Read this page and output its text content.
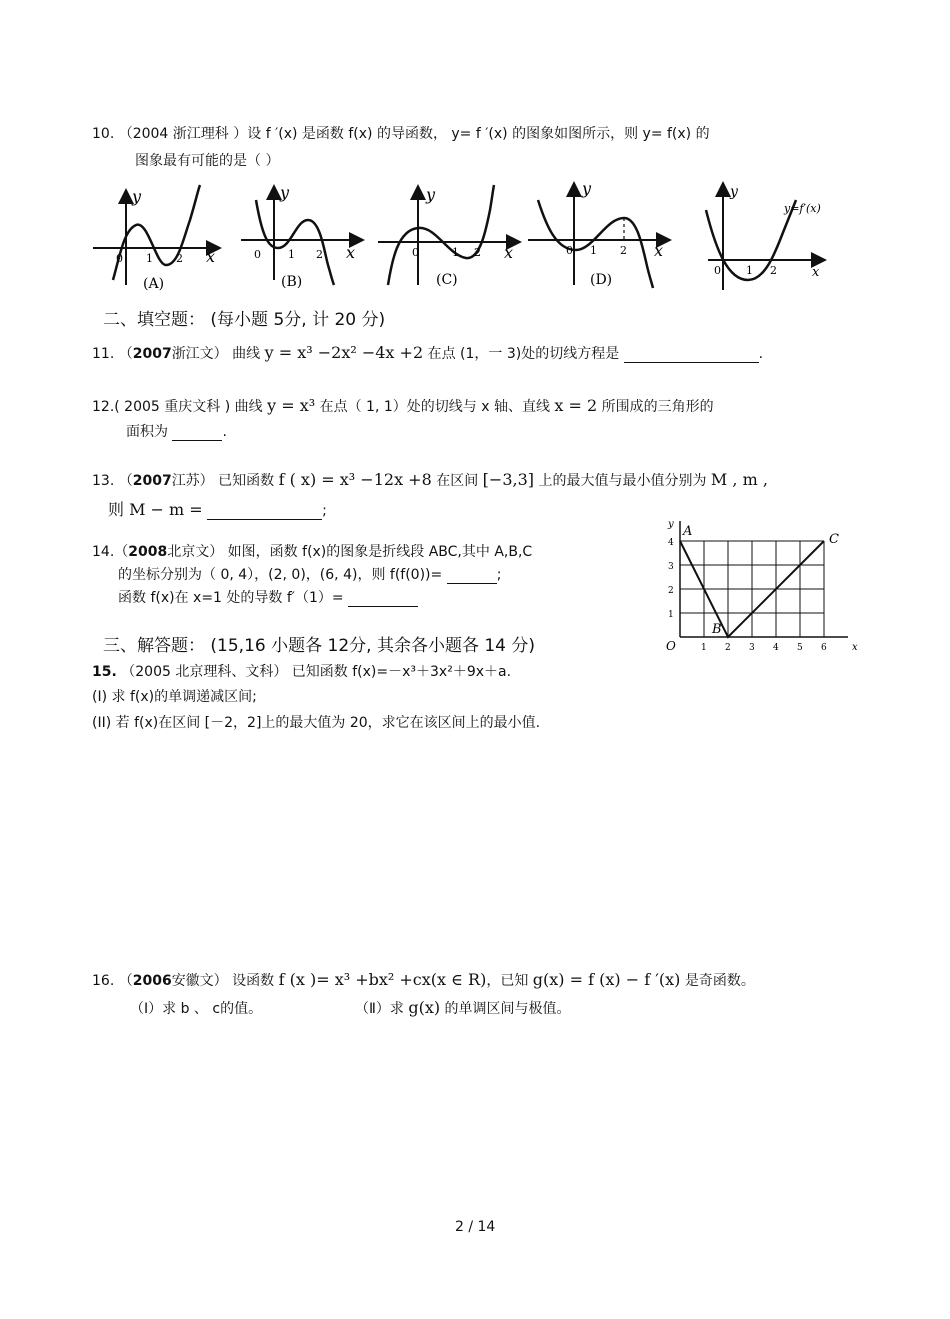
10. （2004 浙江理科 ）设 f ′(x) 是函数 f(x) 的导函数， y= f ′(x) 的图象如图所示，则 y= f(x) 的
图象最有可能的是（ ）
y
x
0 1 2
(A)
y
x
0 1 2
(B)
y
x
0	1 2
(C)
y
x
0 1 2
(D)
y
y=f′(x)
0 1 2	x
二、填空题： (每小题 5分, 计 20 分)
11. （2007浙江文） 曲线 y = x³ −2x² −4x +2 在点 (1，一 3)处的切线方程是	.
12.( 2005 重庆文科 ) 曲线 y = x³ 在点（ 1, 1）处的切线与 x 轴、直线 x = 2 所围成的三角形的
面积为	.
13. （2007江苏） 已知函数 f ( x) = x³ −12x +8 在区间 [−3,3] 上的最大值与最小值分别为 M , m ,
则 M − m =	;
14.（2008北京文） 如图，函数 f(x)的图象是折线段 ABC,其中 A,B,C
的坐标分别为（ 0, 4），(2, 0)，(6, 4)，则 f(f(0))=	;
函数 f(x)在 x=1 处的导数 f′（1）=
A
B
C
1 2 3 4 5 6
1
2
3
4
O	x
y
三、解答题： (15,16 小题各 12分, 其余各小题各 14 分)
15. （2005 北京理科、文科） 已知函数 f(x)=－x³＋3x²＋9x＋a.
(I) 求 f(x)的单调递减区间;
(II) 若 f(x)在区间 [－2，2]上的最大值为 20，求它在该区间上的最小值.
16. （2006安徽文） 设函数 f (x )= x³ +bx² +cx(x ∈ R)，已知 g(x) = f (x) − f ′(x) 是奇函数。
（Ⅰ）求 b 、 c的值。	（Ⅱ）求 g(x) 的单调区间与极值。
2 / 14
